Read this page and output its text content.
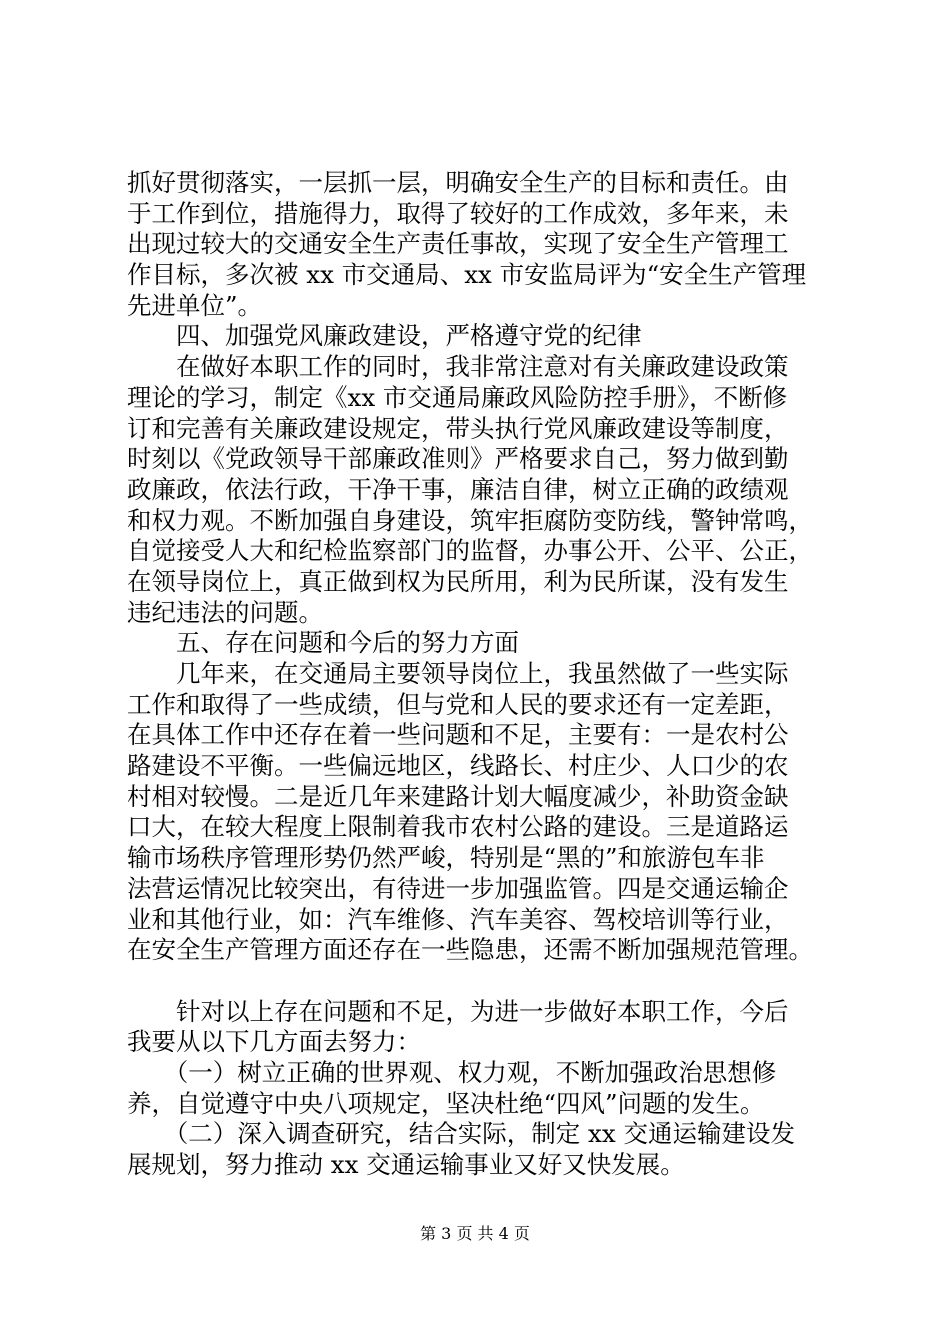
抓好贯彻落实，一层抓一层，明确安全生产的目标和责任。由
于工作到位，措施得力，取得了较好的工作成效，多年来，未
出现过较大的交通安全生产责任事故，实现了安全生产管理工
作目标，多次被 xx 市交通局、xx 市安监局评为“安全生产管理
先进单位”。
　　四、加强党风廉政建设，严格遵守党的纪律
　　在做好本职工作的同时，我非常注意对有关廉政建设政策
理论的学习，制定《xx 市交通局廉政风险防控手册》，不断修
订和完善有关廉政建设规定，带头执行党风廉政建设等制度，
时刻以《党政领导干部廉政准则》严格要求自己，努力做到勤
政廉政，依法行政，干净干事，廉洁自律，树立正确的政绩观
和权力观。不断加强自身建设，筑牢拒腐防变防线，警钟常鸣，
自觉接受人大和纪检监察部门的监督，办事公开、公平、公正，
在领导岗位上，真正做到权为民所用，利为民所谋，没有发生
违纪违法的问题。
　　五、存在问题和今后的努力方面
　　几年来，在交通局主要领导岗位上，我虽然做了一些实际
工作和取得了一些成绩，但与党和人民的要求还有一定差距，
在具体工作中还存在着一些问题和不足，主要有：一是农村公
路建设不平衡。一些偏远地区，线路长、村庄少、人口少的农
村相对较慢。二是近几年来建路计划大幅度减少，补助资金缺
口大，在较大程度上限制着我市农村公路的建设。三是道路运
输市场秩序管理形势仍然严峻，特别是“黑的”和旅游包车非
法营运情况比较突出，有待进一步加强监管。四是交通运输企
业和其他行业，如：汽车维修、汽车美容、驾校培训等行业，
在安全生产管理方面还存在一些隐患，还需不断加强规范管理。
　　针对以上存在问题和不足，为进一步做好本职工作，今后
我要从以下几方面去努力：
　　（一）树立正确的世界观、权力观，不断加强政治思想修
养，自觉遵守中央八项规定，坚决杜绝“四风”问题的发生。
　　（二）深入调查研究，结合实际，制定 xx 交通运输建设发
展规划，努力推动 xx 交通运输事业又好又快发展。
第 3 页 共 4 页
